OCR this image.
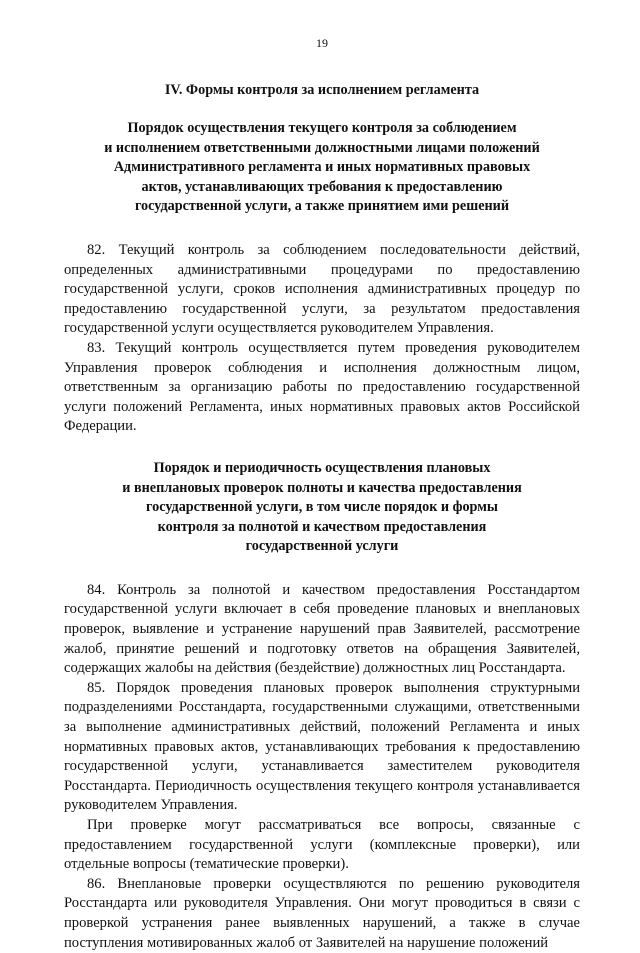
19
IV. Формы контроля за исполнением регламента
Порядок осуществления текущего контроля за соблюдением
и исполнением ответственными должностными лицами положений
Административного регламента и иных нормативных правовых
актов, устанавливающих требования к предоставлению
государственной услуги, а также принятием ими решений

82. Текущий контроль за соблюдением последовательности действий, определенных административными процедурами по предоставлению государственной услуги, сроков исполнения административных процедур по предоставлению государственной услуги, за результатом предоставления государственной услуги осуществляется руководителем Управления.

83. Текущий контроль осуществляется путем проведения руководителем Управления проверок соблюдения и исполнения должностным лицом, ответственным за организацию работы по предоставлению государственной услуги положений Регламента, иных нормативных правовых актов Российской Федерации.

Порядок и периодичность осуществления плановых
и внеплановых проверок полноты и качества предоставления
государственной услуги, в том числе порядок и формы
контроля за полнотой и качеством предоставления
государственной услуги

84. Контроль за полнотой и качеством предоставления Росстандартом государственной услуги включает в себя проведение плановых и внеплановых проверок, выявление и устранение нарушений прав Заявителей, рассмотрение жалоб, принятие решений и подготовку ответов на обращения Заявителей, содержащих жалобы на действия (бездействие) должностных лиц Росстандарта.

85. Порядок проведения плановых проверок выполнения структурными подразделениями Росстандарта, государственными служащими, ответственными за выполнение административных действий, положений Регламента и иных нормативных правовых актов, устанавливающих требования к предоставлению государственной услуги, устанавливается заместителем руководителя Росстандарта. Периодичность осуществления текущего контроля устанавливается руководителем Управления.

При проверке могут рассматриваться все вопросы, связанные с предоставлением государственной услуги (комплексные проверки), или отдельные вопросы (тематические проверки).

86. Внеплановые проверки осуществляются по решению руководителя Росстандарта или руководителя Управления. Они могут проводиться в связи с проверкой устранения ранее выявленных нарушений, а также в случае поступления мотивированных жалоб от Заявителей на нарушение положений
